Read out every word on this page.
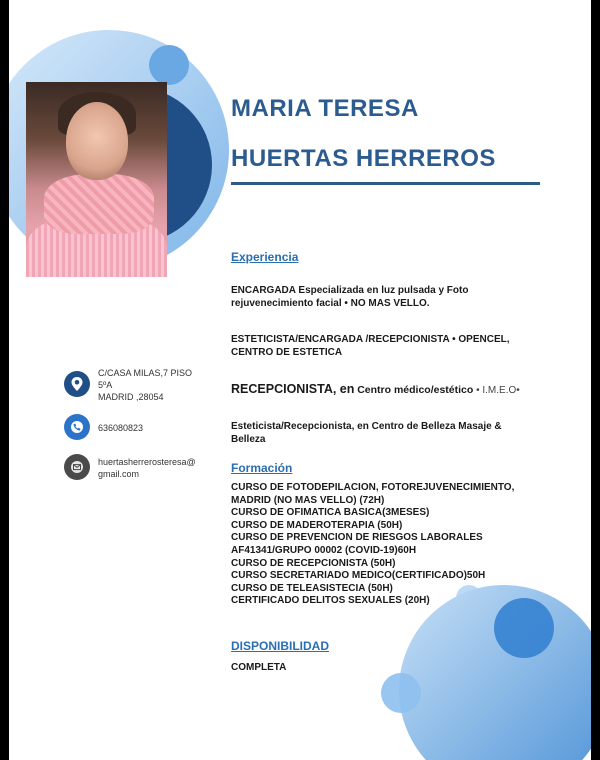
MARIA TERESA
HUERTAS HERREROS
Experiencia
ENCARGADA Especializada en luz pulsada y Foto
rejuvenecimiento facial • NO MAS VELLO.
ESTETICISTA/ENCARGADA /RECEPCIONISTA • OPENCEL,
CENTRO DE ESTETICA
RECEPCIONISTA, en Centro médico/estético • I.M.E.O•
Esteticista/Recepcionista, en Centro de Belleza Masaje &
Belleza
Formación
CURSO DE FOTODEPILACION, FOTOREJUVENECIMIENTO,
MADRID (NO MAS VELLO) (72H)
CURSO DE OFIMATICA BASICA(3MESES)
CURSO DE MADEROTERAPIA (50H)
CURSO DE PREVENCION DE RIESGOS LABORALES
AF41341/GRUPO 00002 (COVID-19)60H
CURSO DE RECEPCIONISTA (50H)
CURSO SECRETARIADO MEDICO(CERTIFICADO)50H
CURSO DE TELEASISTECIA (50H)
CERTIFICADO DELITOS SEXUALES (20H)
DISPONIBILIDAD
COMPLETA
C/CASA MILAS,7 PISO
5ºA
MADRID ,28054
636080823
huertasherrerosteresa@
gmail.com
